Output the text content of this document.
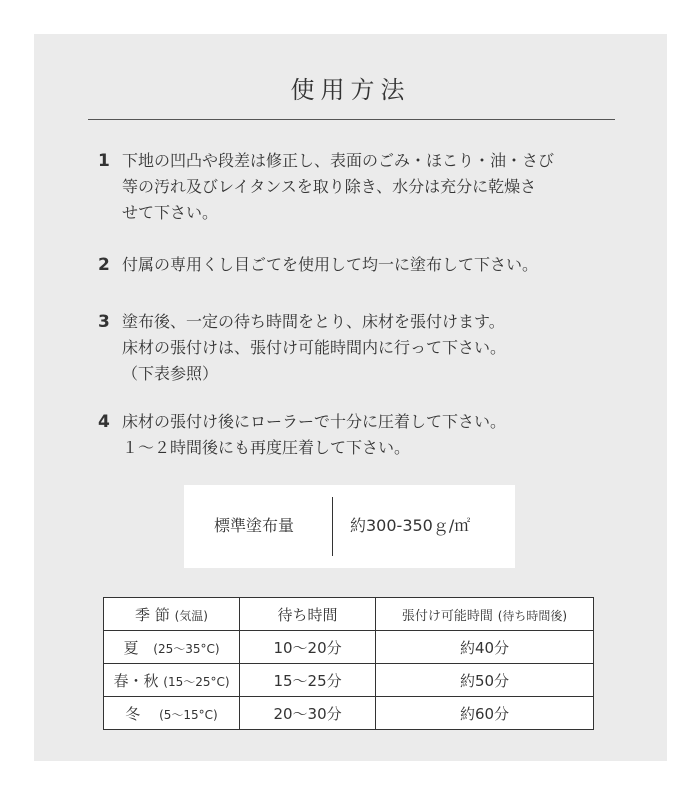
使用方法
1 下地の凹凸や段差は修正し、表面のごみ・ほこり・油・さび
等の汚れ及びレイタンスを取り除き、水分は充分に乾燥さ
せて下さい。
2 付属の専用くし目ごてを使用して均一に塗布して下さい。
3 塗布後、一定の待ち時間をとり、床材を張付けます。
床材の張付けは、張付け可能時間内に行って下さい。
（下表参照）
4 床材の張付け後にローラーで十分に圧着して下さい。
１〜２時間後にも再度圧着して下さい。
標準塗布量	約300-350ｇ/㎡
季 節 (気温)	待ち時間	張付け可能時間 (待ち時間後)
夏 (25〜35°C)	10〜20分	約40分
春・秋 (15〜25°C)	15〜25分	約50分
冬 (5〜15°C)	20〜30分	約60分
